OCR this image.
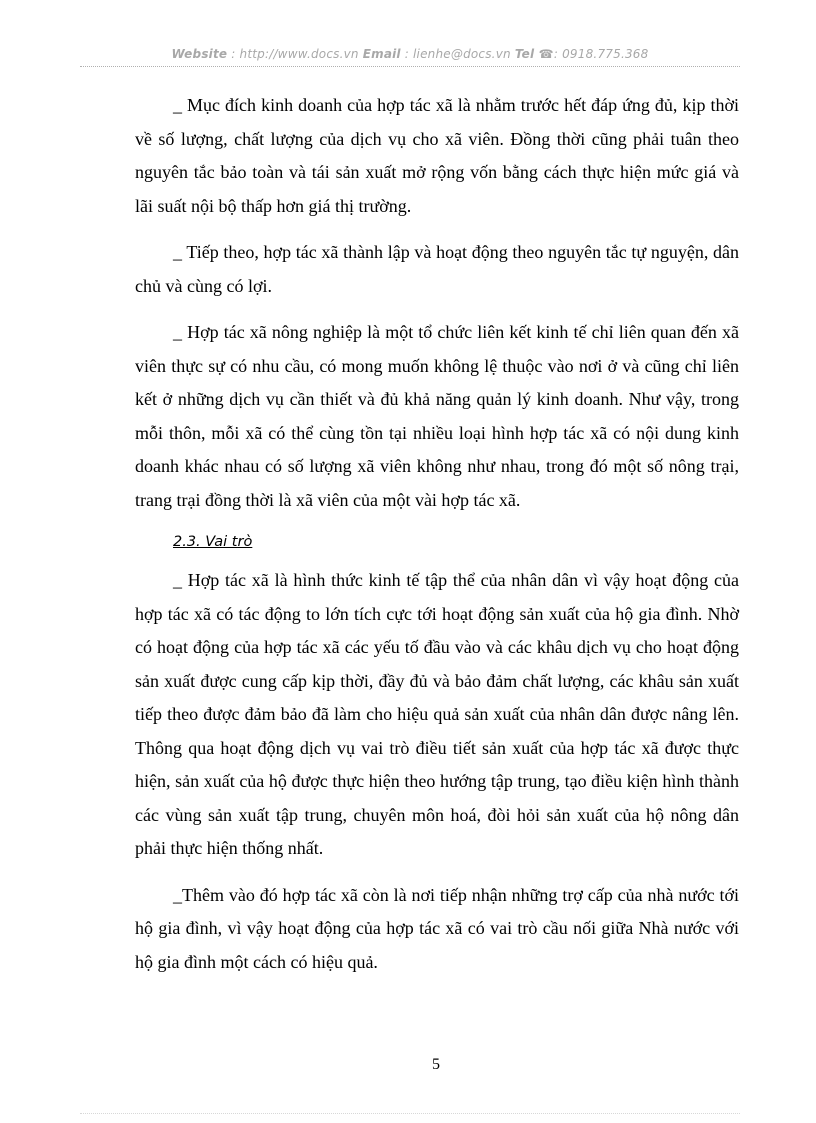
Website : http://www.docs.vn Email : lienhe@docs.vn Tel ☎: 0918.775.368

_ Mục đích kinh doanh của hợp tác xã là nhằm trước hết đáp ứng đủ, kịp thời về số lượng, chất lượng của dịch vụ cho xã viên. Đồng thời cũng phải tuân theo nguyên tắc bảo toàn và tái sản xuất mở rộng vốn bằng cách thực hiện mức giá và lãi suất nội bộ thấp hơn giá thị trường.

_ Tiếp theo, hợp tác xã thành lập và hoạt động theo nguyên tắc tự nguyện, dân chủ và cùng có lợi.

_ Hợp tác xã nông nghiệp là một tổ chức liên kết kinh tế chỉ liên quan đến xã viên thực sự có nhu cầu, có mong muốn không lệ thuộc vào nơi ở và cũng chỉ liên kết ở những dịch vụ cần thiết và đủ khả năng quản lý kinh doanh. Như vậy, trong mỗi thôn, mỗi xã có thể cùng tồn tại nhiều loại hình hợp tác xã có nội dung kinh doanh khác nhau có số lượng xã viên không như nhau, trong đó một số nông trại, trang trại đồng thời là xã viên của một vài hợp tác xã.

2.3. Vai trò

_ Hợp tác xã là hình thức kinh tế tập thể của nhân dân vì vậy hoạt động của hợp tác xã có tác động to lớn tích cực tới hoạt động sản xuất của hộ gia đình. Nhờ có hoạt động của hợp tác xã các yếu tố đầu vào và các khâu dịch vụ cho hoạt động sản xuất được cung cấp kịp thời, đầy đủ và bảo đảm chất lượng, các khâu sản xuất tiếp theo được đảm bảo đã làm cho hiệu quả sản xuất của nhân dân được nâng lên. Thông qua hoạt động dịch vụ vai trò điều tiết sản xuất của hợp tác xã được thực hiện, sản xuất của hộ được thực hiện theo hướng tập trung, tạo điều kiện hình thành các vùng sản xuất tập trung, chuyên môn hoá, đòi hỏi sản xuất của hộ nông dân phải thực hiện thống nhất.

_Thêm vào đó hợp tác xã còn là nơi tiếp nhận những trợ cấp của nhà nước tới hộ gia đình, vì vậy hoạt động của hợp tác xã có vai trò cầu nối giữa Nhà nước với hộ gia đình một cách có hiệu quả.

5
